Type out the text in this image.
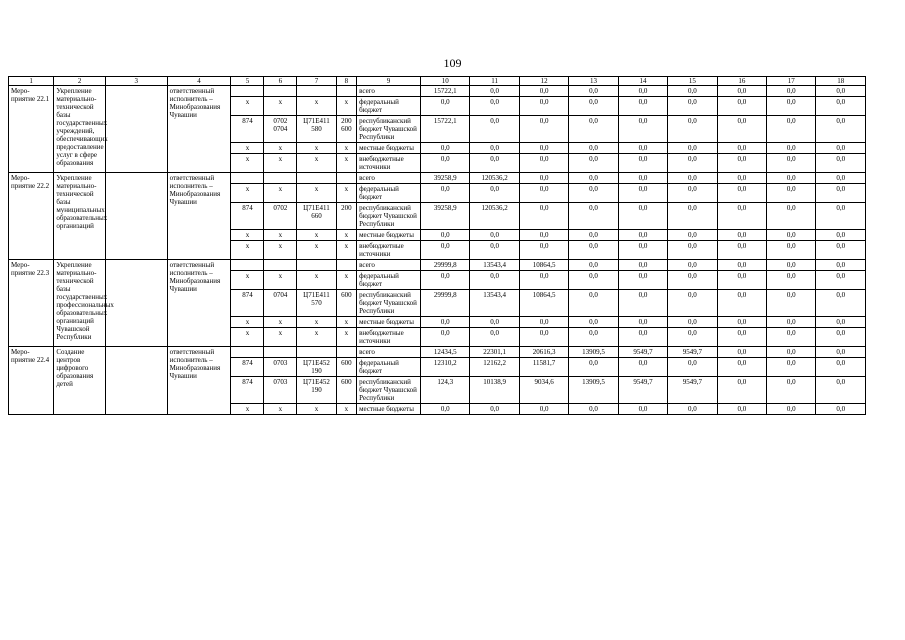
109
1	2	3	4	5	6	7	8	9	10	11	12	13	14	15	16	17	18
Меро-приятие 22.1	Укрепление материально-технической базы государственных учреждений, обеспечивающих предоставление услуг в сфере образования		ответственный исполнитель – Минобразования Чувашии					всего	15722,1	0,0	0,0	0,0	0,0	0,0	0,0	0,0	0,0
				x	x	x	x	федеральный бюджет	0,0	0,0	0,0	0,0	0,0	0,0	0,0	0,0	0,0
				874	0702 0704	Ц71Е411 580	200 600	республиканский бюджет Чувашской Республики	15722,1	0,0	0,0	0,0	0,0	0,0	0,0	0,0	0,0
				x	x	x	x	местные бюджеты	0,0	0,0	0,0	0,0	0,0	0,0	0,0	0,0	0,0
				x	x	x	x	внебюджетные источники	0,0	0,0	0,0	0,0	0,0	0,0	0,0	0,0	0,0
Меро-приятие 22.2	Укрепление материально-технической базы муниципальных образовательных организаций		ответственный исполнитель – Минобразования Чувашии					всего	39258,9	120536,2	0,0	0,0	0,0	0,0	0,0	0,0	0,0
				x	x	x	x	федеральный бюджет	0,0	0,0	0,0	0,0	0,0	0,0	0,0	0,0	0,0
				874	0702	Ц71Е411 660	200	республиканский бюджет Чувашской Республики	39258,9	120536,2	0,0	0,0	0,0	0,0	0,0	0,0	0,0
				x	x	x	x	местные бюджеты	0,0	0,0	0,0	0,0	0,0	0,0	0,0	0,0	0,0
				x	x	x	x	внебюджетные источники	0,0	0,0	0,0	0,0	0,0	0,0	0,0	0,0	0,0
Меро-приятие 22.3	Укрепление материально-технической базы государственных профессиональных образовательных организаций Чувашской Республики		ответственный исполнитель – Минобразования Чувашии					всего	29999,8	13543,4	10864,5	0,0	0,0	0,0	0,0	0,0	0,0
				x	x	x	x	федеральный бюджет	0,0	0,0	0,0	0,0	0,0	0,0	0,0	0,0	0,0
				874	0704	Ц71Е411 570	600	республиканский бюджет Чувашской Республики	29999,8	13543,4	10864,5	0,0	0,0	0,0	0,0	0,0	0,0
				x	x	x	x	местные бюджеты	0,0	0,0	0,0	0,0	0,0	0,0	0,0	0,0	0,0
				x	x	x	x	внебюджетные источники	0,0	0,0	0,0	0,0	0,0	0,0	0,0	0,0	0,0
Меро-приятие 22.4	Создание центров цифрового образования детей		ответственный исполнитель – Минобразования Чувашии					всего	12434,5	22301,1	20616,3	13909,5	9549,7	9549,7	0,0	0,0	0,0
				874	0703	Ц71Е452 190	600	федеральный бюджет	12310,2	12162,2	11581,7	0,0	0,0	0,0	0,0	0,0	0,0
				874	0703	Ц71Е452 190	600	республиканский бюджет Чувашской Республики	124,3	10138,9	9034,6	13909,5	9549,7	9549,7	0,0	0,0	0,0
				x	x	x	x	местные бюджеты	0,0	0,0	0,0	0,0	0,0	0,0	0,0	0,0	0,0
